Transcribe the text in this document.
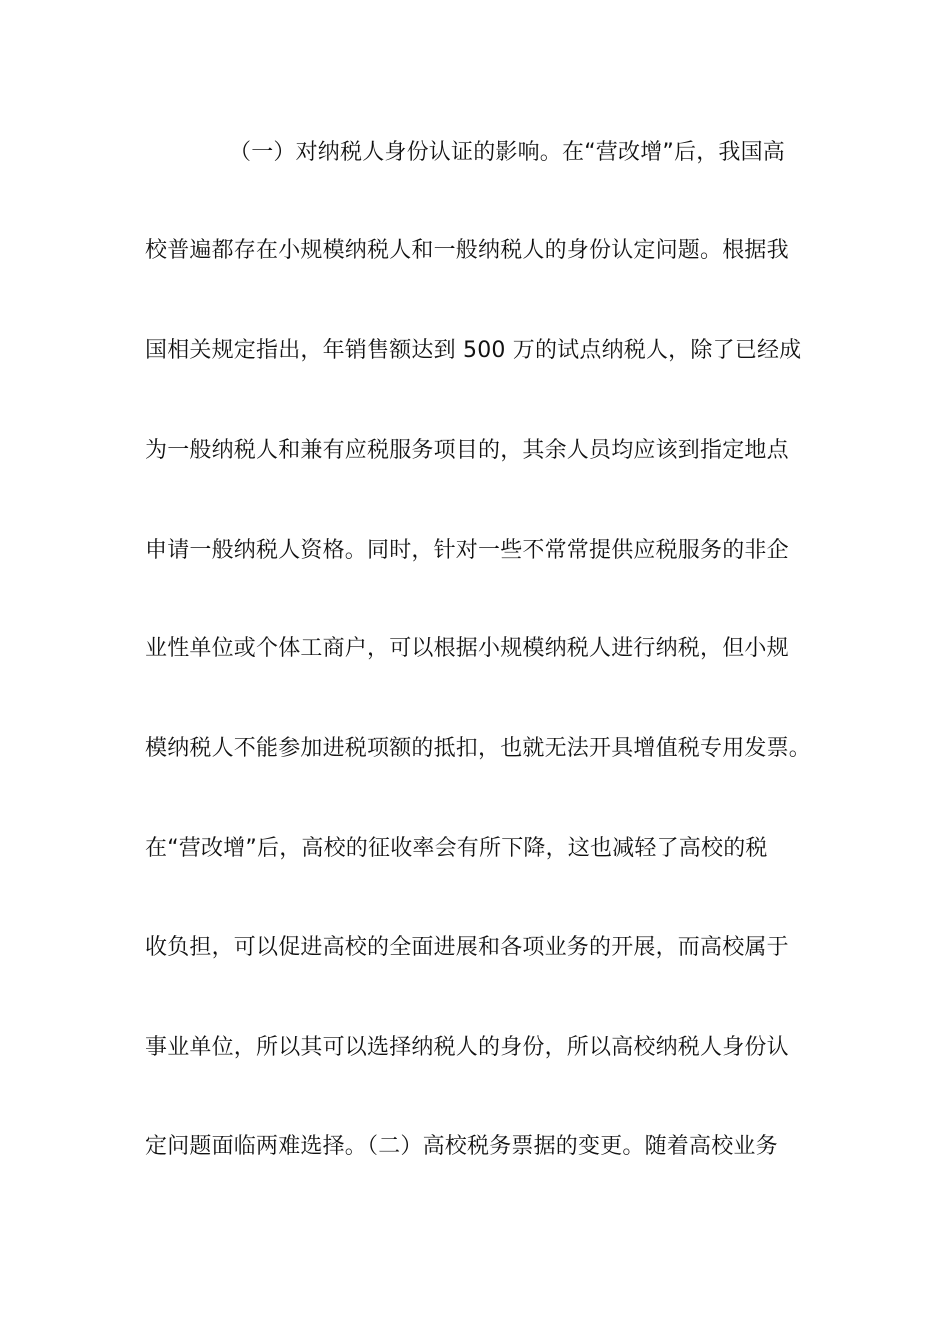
（一）对纳税人身份认证的影响。在“营改增”后，我国高
校普遍都存在小规模纳税人和一般纳税人的身份认定问题。根据我
国相关规定指出，年销售额达到 500 万的试点纳税人，除了已经成
为一般纳税人和兼有应税服务项目的，其余人员均应该到指定地点
申请一般纳税人资格。同时，针对一些不常常提供应税服务的非企
业性单位或个体工商户，可以根据小规模纳税人进行纳税，但小规
模纳税人不能参加进税项额的抵扣，也就无法开具增值税专用发票。
在“营改增”后，高校的征收率会有所下降，这也减轻了高校的税
收负担，可以促进高校的全面进展和各项业务的开展，而高校属于
事业单位，所以其可以选择纳税人的身份，所以高校纳税人身份认
定问题面临两难选择。（二）高校税务票据的变更。随着高校业务
